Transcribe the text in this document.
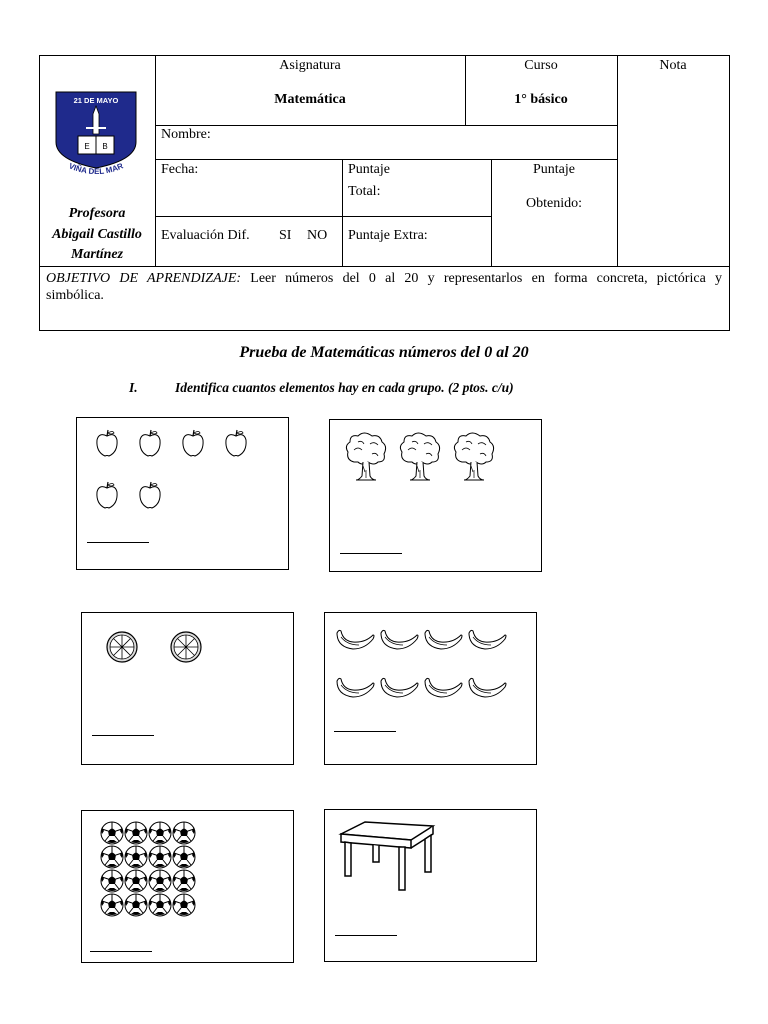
Asignatura
Matemática
Curso
1° básico
Nota
Nombre:
Fecha:	Puntaje
Total:
Puntaje
Obtenido:
Evaluación Dif. SI NO Puntaje Extra:
Profesora
Abigail Castillo
Martínez
E B
21 DE MAYO
VIÑA DEL MAR
OBJETIVO DE APRENDIZAJE: Leer números del 0 al 20 y representarlos en forma concreta, pictórica y
simbólica.
Prueba de Matemáticas números del 0 al 20
I.	Identifica cuantos elementos hay en cada grupo. (2 ptos. c/u)
